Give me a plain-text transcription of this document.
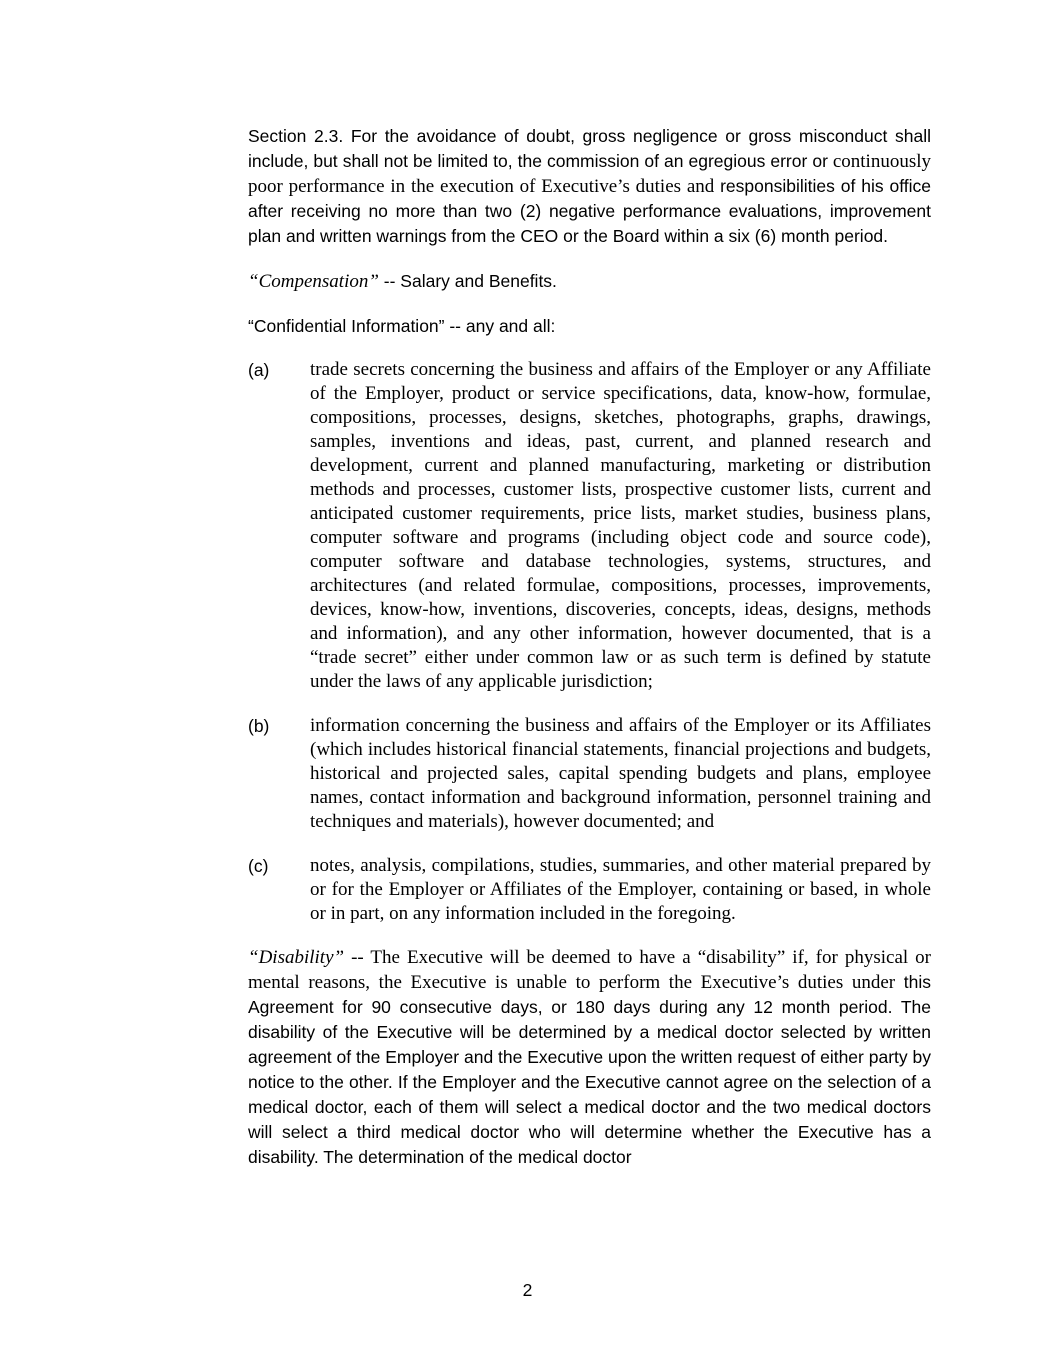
Section 2.3. For the avoidance of doubt, gross negligence or gross misconduct shall include, but shall not be limited to, the commission of an egregious error or continuously poor performance in the execution of Executive’s duties and responsibilities of his office after receiving no more than two (2) negative performance evaluations, improvement plan and written warnings from the CEO or the Board within a six (6) month period.

“Compensation” -- Salary and Benefits.

“Confidential Information” -- any and all:

(a)	trade secrets concerning the business and affairs of the Employer or any Affiliate of the Employer, product or service specifications, data, know-how, formulae, compositions, processes, designs, sketches, photographs, graphs, drawings, samples, inventions and ideas, past, current, and planned research and development, current and planned manufacturing, marketing or distribution methods and processes, customer lists, prospective customer lists, current and anticipated customer requirements, price lists, market studies, business plans, computer software and programs (including object code and source code), computer software and database technologies, systems, structures, and architectures (and related formulae, compositions, processes, improvements, devices, know-how, inventions, discoveries, concepts, ideas, designs, methods and information), and any other information, however documented, that is a “trade secret” either under common law or as such term is defined by statute under the laws of any applicable jurisdiction;
(b)	information concerning the business and affairs of the Employer or its Affiliates (which includes historical financial statements, financial projections and budgets, historical and projected sales, capital spending budgets and plans, employee names, contact information and background information, personnel training and techniques and materials), however documented; and
(c)	notes, analysis, compilations, studies, summaries, and other material prepared by or for the Employer or Affiliates of the Employer, containing or based, in whole or in part, on any information included in the foregoing.

“Disability” -- The Executive will be deemed to have a “disability” if, for physical or mental reasons, the Executive is unable to perform the Executive’s duties under this Agreement for 90 consecutive days, or 180 days during any 12 month period. The disability of the Executive will be determined by a medical doctor selected by written agreement of the Employer and the Executive upon the written request of either party by notice to the other. If the Employer and the Executive cannot agree on the selection of a medical doctor, each of them will select a medical doctor and the two medical doctors will select a third medical doctor who will determine whether the Executive has a disability. The determination of the medical doctor

2
